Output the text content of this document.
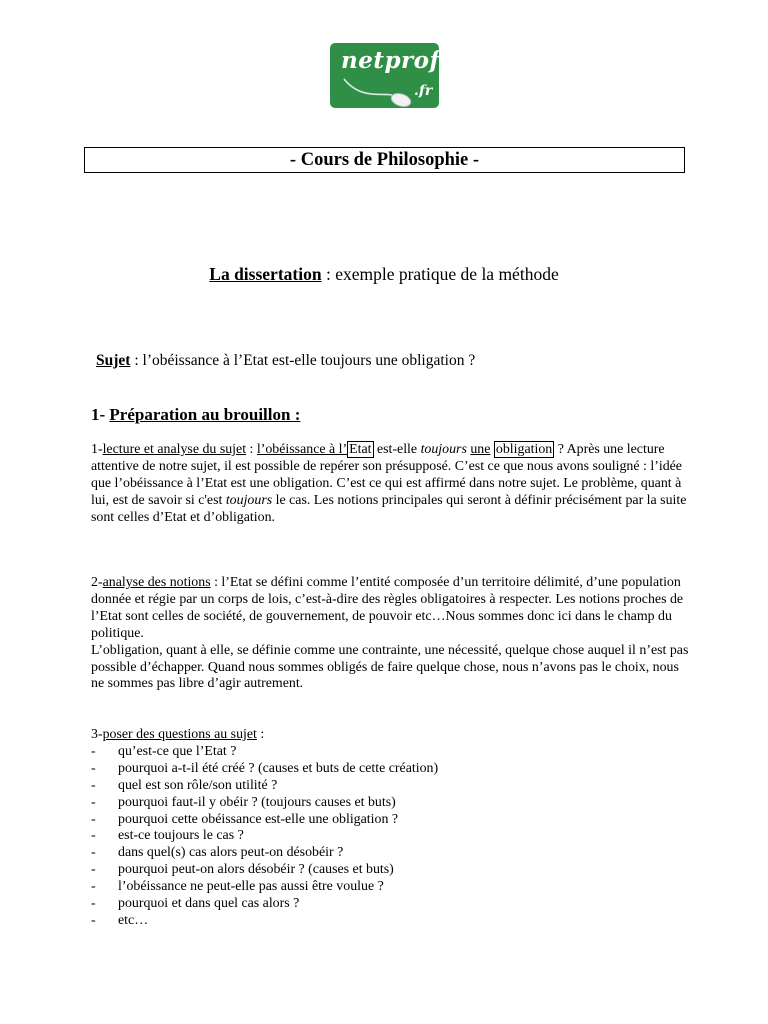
netprof
.fr
- Cours de Philosophie -
La dissertation : exemple pratique de la méthode
Sujet : l’obéissance à l’Etat est-elle toujours une obligation ?
1- Préparation au brouillon :
1-lecture et analyse du sujet : l’obéissance à l’ Etat est-elle toujours une obligation ? Après une lecture attentive de notre sujet, il est possible de repérer son présupposé. C’est ce que nous avons souligné : l’idée que l’obéissance à l’Etat est une obligation. C’est ce qui est affirmé dans notre sujet. Le problème, quant à lui, est de savoir si c'est toujours le cas. Les notions principales qui seront à définir précisément par la suite sont celles d’Etat et d’obligation.
2-analyse des notions : l’Etat se défini comme l’entité composée d’un territoire délimité, d’une population donnée et régie par un corps de lois, c’est-à-dire des règles obligatoires à respecter. Les notions proches de l’Etat sont celles de société, de gouvernement, de pouvoir etc…Nous sommes donc ici dans le champ du politique.
L’obligation, quant à elle, se définie comme une contrainte, une nécessité, quelque chose auquel il n’est pas possible d’échapper. Quand nous sommes obligés de faire quelque chose, nous n’avons pas le choix, nous ne sommes pas libre d’agir autrement.
3-poser des questions au sujet :
- qu’est-ce que l’Etat ?
- pourquoi a-t-il été créé ? (causes et buts de cette création)
- quel est son rôle/son utilité ?
- pourquoi faut-il y obéir ? (toujours causes et buts)
- pourquoi cette obéissance est-elle une obligation ?
- est-ce toujours le cas ?
- dans quel(s) cas alors peut-on désobéir ?
- pourquoi peut-on alors désobéir ? (causes et buts)
- l’obéissance ne peut-elle pas aussi être voulue ?
- pourquoi et dans quel cas alors ?
- etc…
